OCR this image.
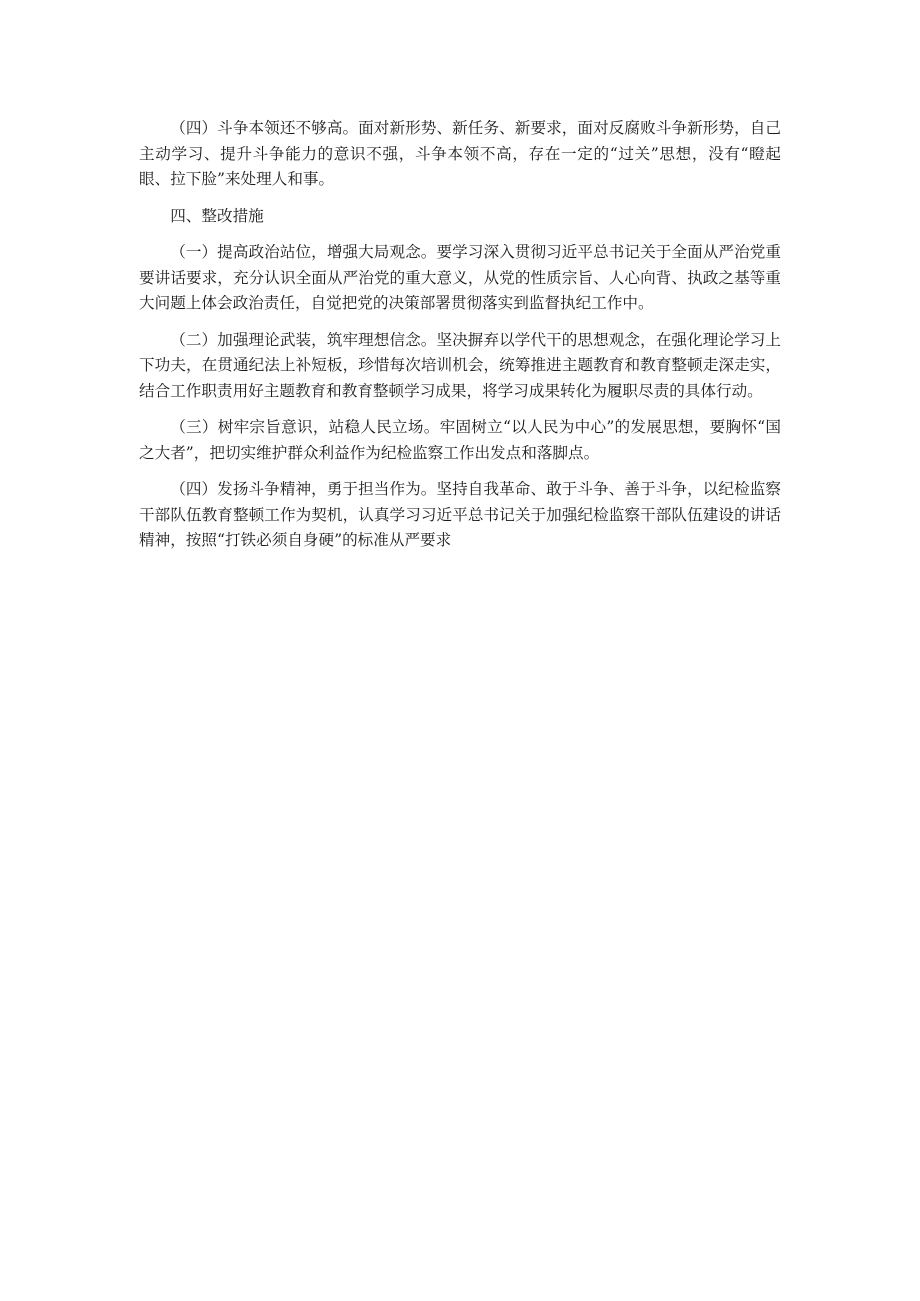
（四）斗争本领还不够高。面对新形势、新任务、新要求，面对反腐败斗争新形势，自己主动学习、提升斗争能力的意识不强，斗争本领不高，存在一定的“过关”思想，没有“瞪起眼、拉下脸”来处理人和事。

四、整改措施

（一）提高政治站位，增强大局观念。要学习深入贯彻习近平总书记关于全面从严治党重要讲话要求，充分认识全面从严治党的重大意义，从党的性质宗旨、人心向背、执政之基等重大问题上体会政治责任，自觉把党的决策部署贯彻落实到监督执纪工作中。

（二）加强理论武装，筑牢理想信念。坚决摒弃以学代干的思想观念，在强化理论学习上下功夫，在贯通纪法上补短板，珍惜每次培训机会，统筹推进主题教育和教育整顿走深走实，结合工作职责用好主题教育和教育整顿学习成果，将学习成果转化为履职尽责的具体行动。

（三）树牢宗旨意识，站稳人民立场。牢固树立“以人民为中心”的发展思想，要胸怀“国之大者”，把切实维护群众利益作为纪检监察工作出发点和落脚点。

（四）发扬斗争精神，勇于担当作为。坚持自我革命、敢于斗争、善于斗争，以纪检监察干部队伍教育整顿工作为契机，认真学习习近平总书记关于加强纪检监察干部队伍建设的讲话精神，按照“打铁必须自身硬”的标准从严要求
